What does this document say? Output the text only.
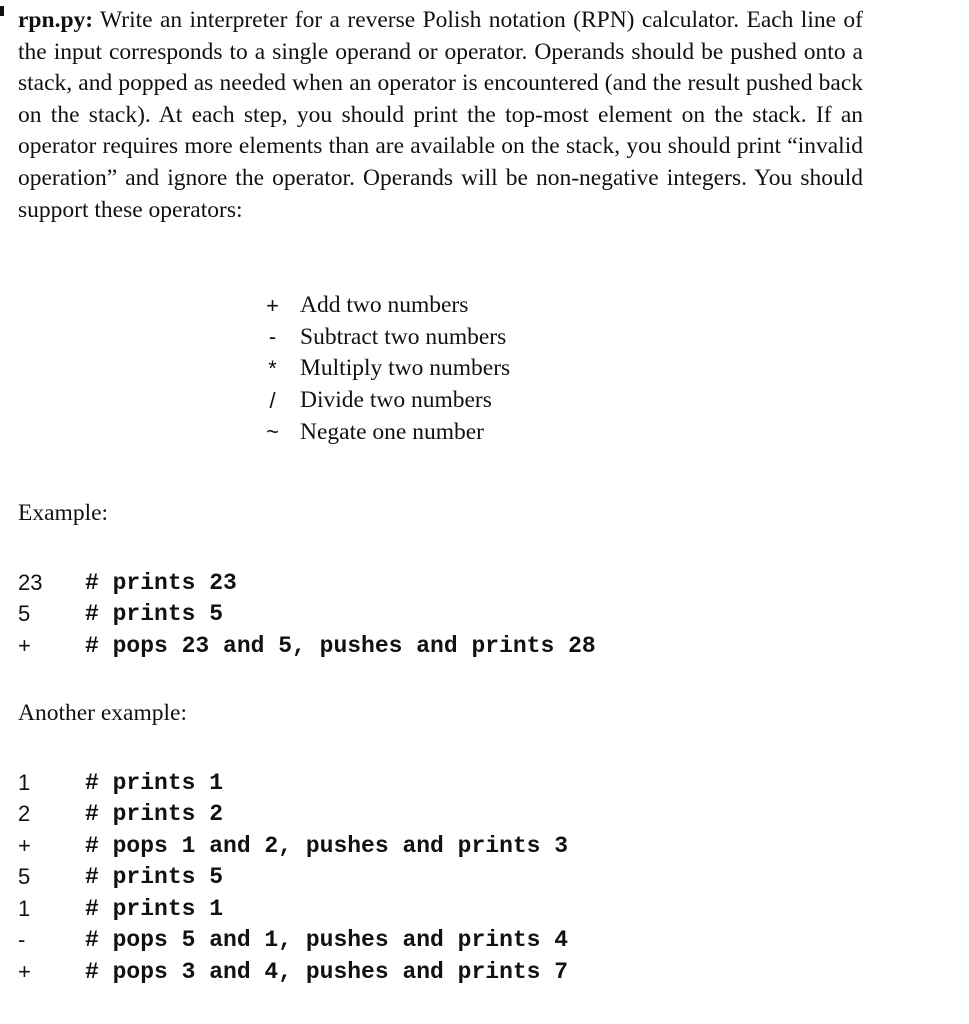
rpn.py: Write an interpreter for a reverse Polish notation (RPN) calculator. Each line of the input corresponds to a single operand or operator. Operands should be pushed onto a stack, and popped as needed when an operator is encountered (and the result pushed back on the stack). At each step, you should print the top-most element on the stack. If an operator requires more elements than are available on the stack, you should print “invalid operation” and ignore the operator. Operands will be non-negative integers. You should support these operators:

+ Add two numbers
-	Subtract two numbers
* Multiply two numbers
/	Divide two numbers
~ Negate one number
Example:
23	# prints 23
5	# prints 5
+	# pops 23 and 5, pushes and prints 28
Another example:
1	# prints 1
2	# prints 2
+	# pops 1 and 2, pushes and prints 3
5	# prints 5
1	# prints 1
-	# pops 5 and 1, pushes and prints 4
+	# pops 3 and 4, pushes and prints 7
